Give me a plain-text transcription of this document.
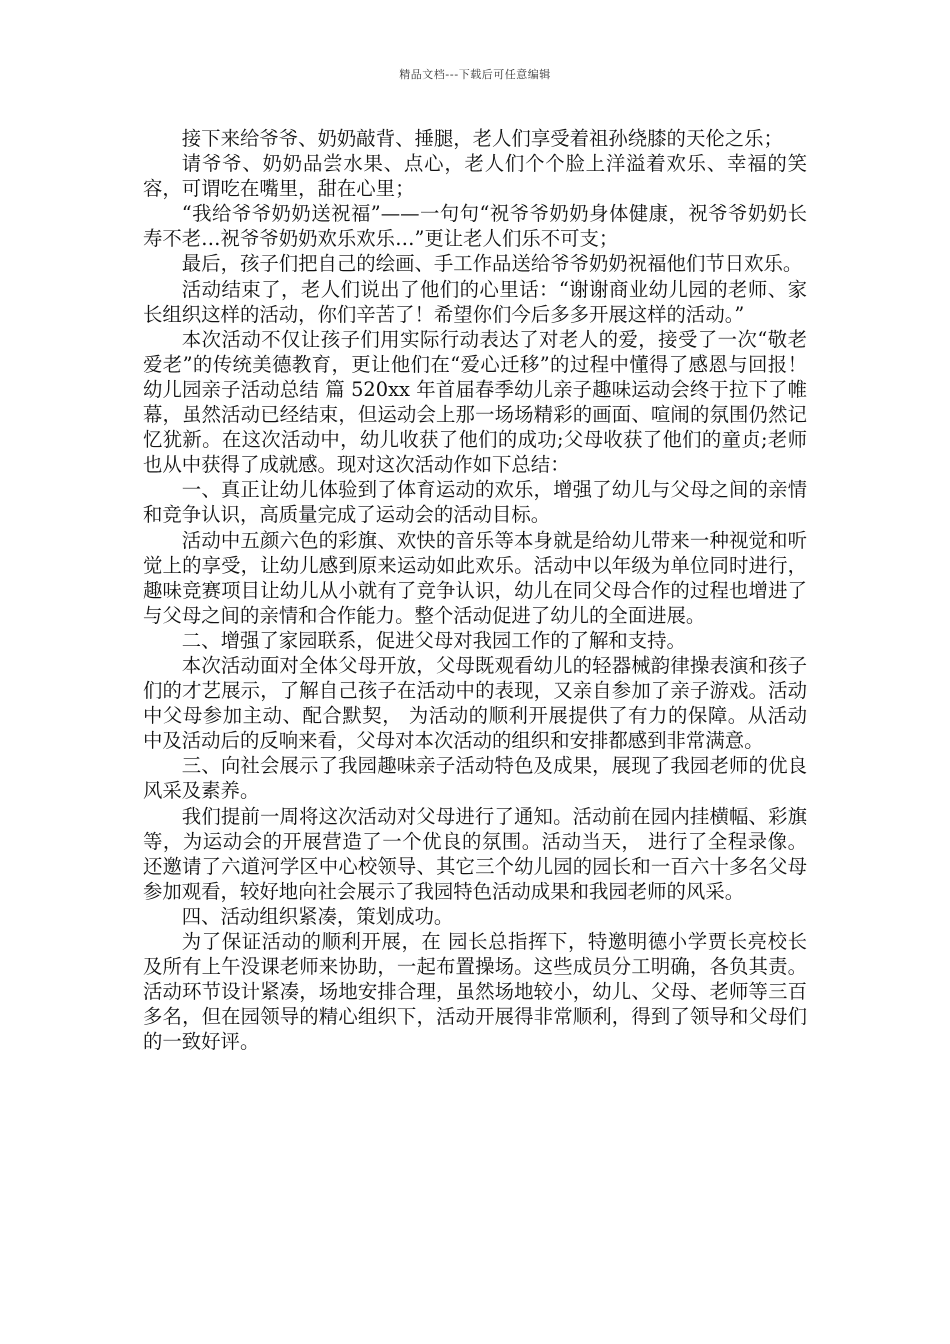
精品文档---下载后可任意编辑

接下来给爷爷、奶奶敲背、捶腿，老人们享受着祖孙绕膝的天伦之乐；

请爷爷、奶奶品尝水果、点心，老人们个个脸上洋溢着欢乐、幸福的笑容，可谓吃在嘴里，甜在心里；

“我给爷爷奶奶送祝福”——一句句“祝爷爷奶奶身体健康，祝爷爷奶奶长寿不老…祝爷爷奶奶欢乐欢乐…”更让老人们乐不可支；

最后，孩子们把自己的绘画、手工作品送给爷爷奶奶祝福他们节日欢乐。

活动结束了，老人们说出了他们的心里话：“谢谢商业幼儿园的老师、家长组织这样的活动，你们辛苦了！希望你们今后多多开展这样的活动。”

本次活动不仅让孩子们用实际行动表达了对老人的爱，接受了一次“敬老爱老”的传统美德教育，更让他们在“爱心迁移”的过程中懂得了感恩与回报！幼儿园亲子活动总结 篇 520xx 年首届春季幼儿亲子趣味运动会终于拉下了帷幕，虽然活动已经结束，但运动会上那一场场精彩的画面、喧闹的氛围仍然记忆犹新。在这次活动中，幼儿收获了他们的成功;父母收获了他们的童贞;老师也从中获得了成就感。现对这次活动作如下总结：

一、真正让幼儿体验到了体育运动的欢乐，增强了幼儿与父母之间的亲情和竞争认识，高质量完成了运动会的活动目标。

活动中五颜六色的彩旗、欢快的音乐等本身就是给幼儿带来一种视觉和听觉上的享受，让幼儿感到原来运动如此欢乐。活动中以年级为单位同时进行，趣味竞赛项目让幼儿从小就有了竞争认识，幼儿在同父母合作的过程也增进了与父母之间的亲情和合作能力。整个活动促进了幼儿的全面进展。

二、增强了家园联系，促进父母对我园工作的了解和支持。

本次活动面对全体父母开放，父母既观看幼儿的轻器械韵律操表演和孩子们的才艺展示，了解自己孩子在活动中的表现，又亲自参加了亲子游戏。活动中父母参加主动、配合默契， 为活动的顺利开展提供了有力的保障。从活动中及活动后的反响来看，父母对本次活动的组织和安排都感到非常满意。

三、向社会展示了我园趣味亲子活动特色及成果，展现了我园老师的优良风采及素养。

我们提前一周将这次活动对父母进行了通知。活动前在园内挂横幅、彩旗等，为运动会的开展营造了一个优良的氛围。活动当天， 进行了全程录像。还邀请了六道河学区中心校领导、其它三个幼儿园的园长和一百六十多名父母参加观看，较好地向社会展示了我园特色活动成果和我园老师的风采。

四、活动组织紧凑，策划成功。

为了保证活动的顺利开展，在 园长总指挥下，特邀明德小学贾长亮校长及所有上午没课老师来协助，一起布置操场。这些成员分工明确，各负其责。活动环节设计紧凑，场地安排合理，虽然场地较小，幼儿、父母、老师等三百多名，但在园领导的精心组织下，活动开展得非常顺利，得到了领导和父母们的一致好评。
